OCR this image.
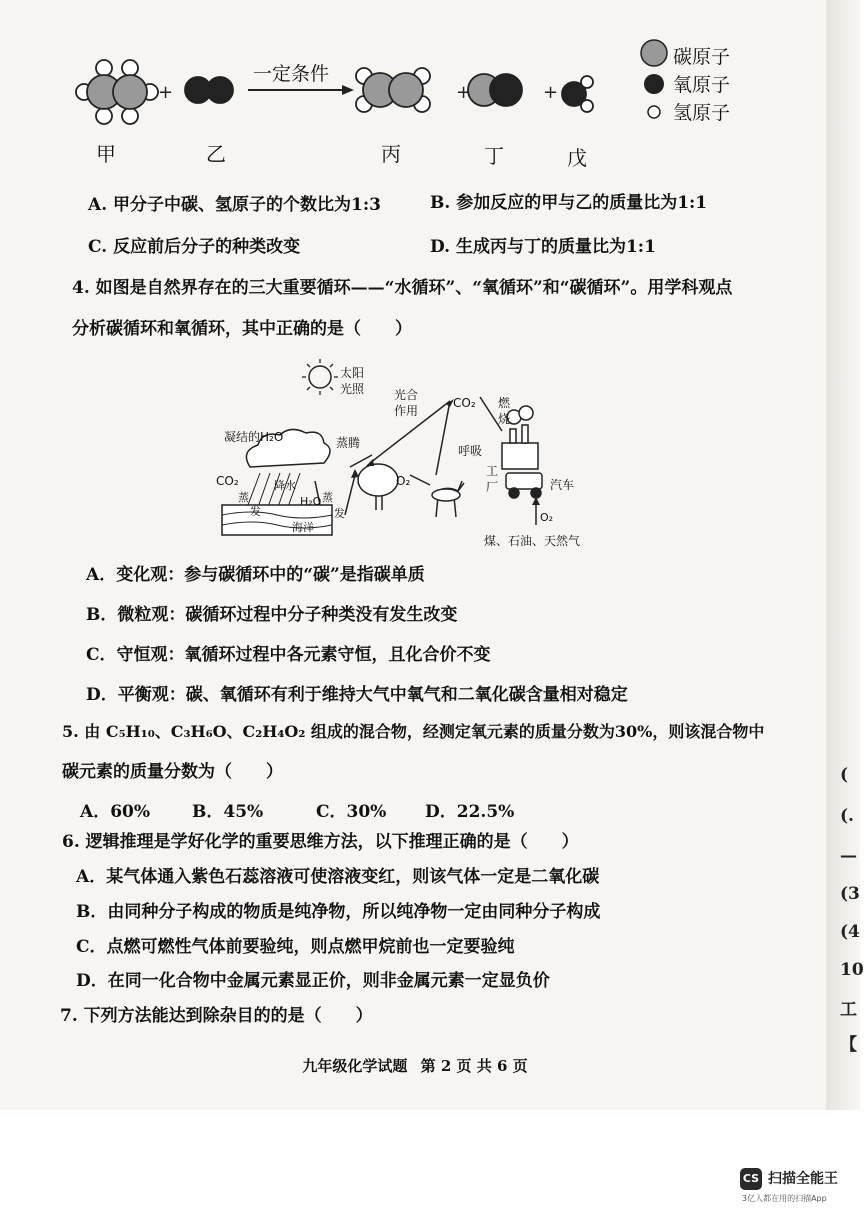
(
(.
—
(3
(4
10
工
【
+	+	+
一定条件
碳原子
氧原子
氢原子
甲	乙	丙	丁	戊
A. 甲分子中碳、氢原子的个数比为1:3	B. 参加反应的甲与乙的质量比为1:1
C. 反应前后分子的种类改变	D. 生成丙与丁的质量比为1:1
4. 如图是自然界存在的三大重要循环——“水循环”、“氧循环”和“碳循环”。用学科观点
分析碳循环和氧循环，其中正确的是（　　）
太阳
光照 光合
作用
CO₂ 燃
烧
凝结的H₂O	蒸腾
呼吸
O₂
工
厂	汽车
CO₂
蒸
发
降水
H₂O 蒸
发
海洋
O₂
煤、石油、天然气
A．变化观：参与碳循环中的“碳”是指碳单质
B．微粒观：碳循环过程中分子种类没有发生改变
C．守恒观：氧循环过程中各元素守恒，且化合价不变
D．平衡观：碳、氧循环有利于维持大气中氧气和二氧化碳含量相对稳定
5. 由 C₅H₁₀、C₃H₆O、C₂H₄O₂ 组成的混合物，经测定氧元素的质量分数为30%，则该混合物中
碳元素的质量分数为（　　）
A．60% B．45%	C．30% D．22.5%
6. 逻辑推理是学好化学的重要思维方法，以下推理正确的是（　　）
A．某气体通入紫色石蕊溶液可使溶液变红，则该气体一定是二氧化碳
B．由同种分子构成的物质是纯净物，所以纯净物一定由同种分子构成
C．点燃可燃性气体前要验纯，则点燃甲烷前也一定要验纯
D．在同一化合物中金属元素显正价，则非金属元素一定显负价
7. 下列方法能达到除杂目的的是（　　）
九年级化学试题 第 2 页 共 6 页
CS 扫描全能王
3亿人都在用的扫描App
